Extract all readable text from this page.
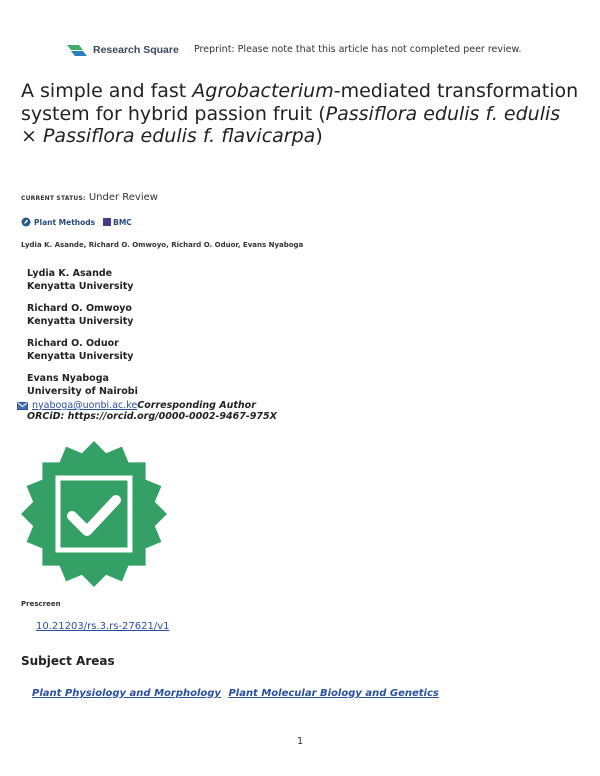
Research Square Preprint: Please note that this article has not completed peer review.
A simple and fast Agrobacterium-mediated transformation system for hybrid passion fruit (Passiflora edulis f. edulis × Passiflora edulis f. flavicarpa)
CURRENT STATUS: Under Review
Plant Methods BMC
Lydia K. Asande, Richard O. Omwoyo, Richard O. Oduor, Evans Nyaboga
Lydia K. Asande
Kenyatta University
Richard O. Omwoyo
Kenyatta University
Richard O. Oduor
Kenyatta University
Evans Nyaboga
University of Nairobi
nyaboga@uonbi.ac.ke Corresponding Author
ORCiD: https://orcid.org/0000-0002-9467-975X
Prescreen
10.21203/rs.3.rs-27621/v1
Subject Areas
Plant Physiology and Morphology Plant Molecular Biology and Genetics
1
